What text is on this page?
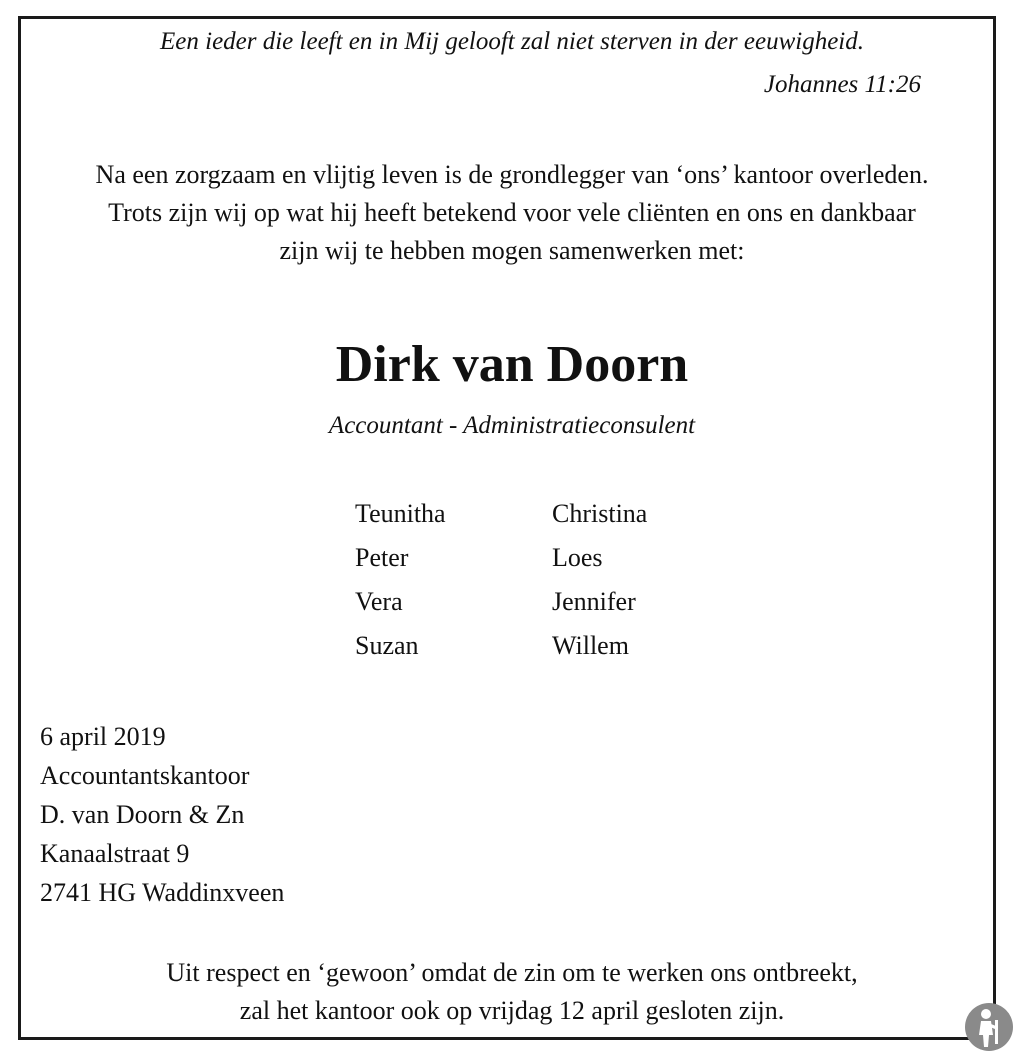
Een ieder die leeft en in Mij gelooft zal niet sterven in der eeuwigheid.
Johannes 11:26
Na een zorgzaam en vlijtig leven is de grondlegger van ‘ons’ kantoor overleden.
Trots zijn wij op wat hij heeft betekend voor vele cliënten en ons en dankbaar
zijn wij te hebben mogen samenwerken met:
Dirk van Doorn
Accountant - Administratieconsulent
Teunitha	Christina
Peter	Loes
Vera	Jennifer
Suzan	Willem
6 april 2019
Accountantskantoor
D. van Doorn & Zn
Kanaalstraat 9
2741 HG Waddinxveen
Uit respect en ‘gewoon’ omdat de zin om te werken ons ontbreekt,
zal het kantoor ook op vrijdag 12 april gesloten zijn.
